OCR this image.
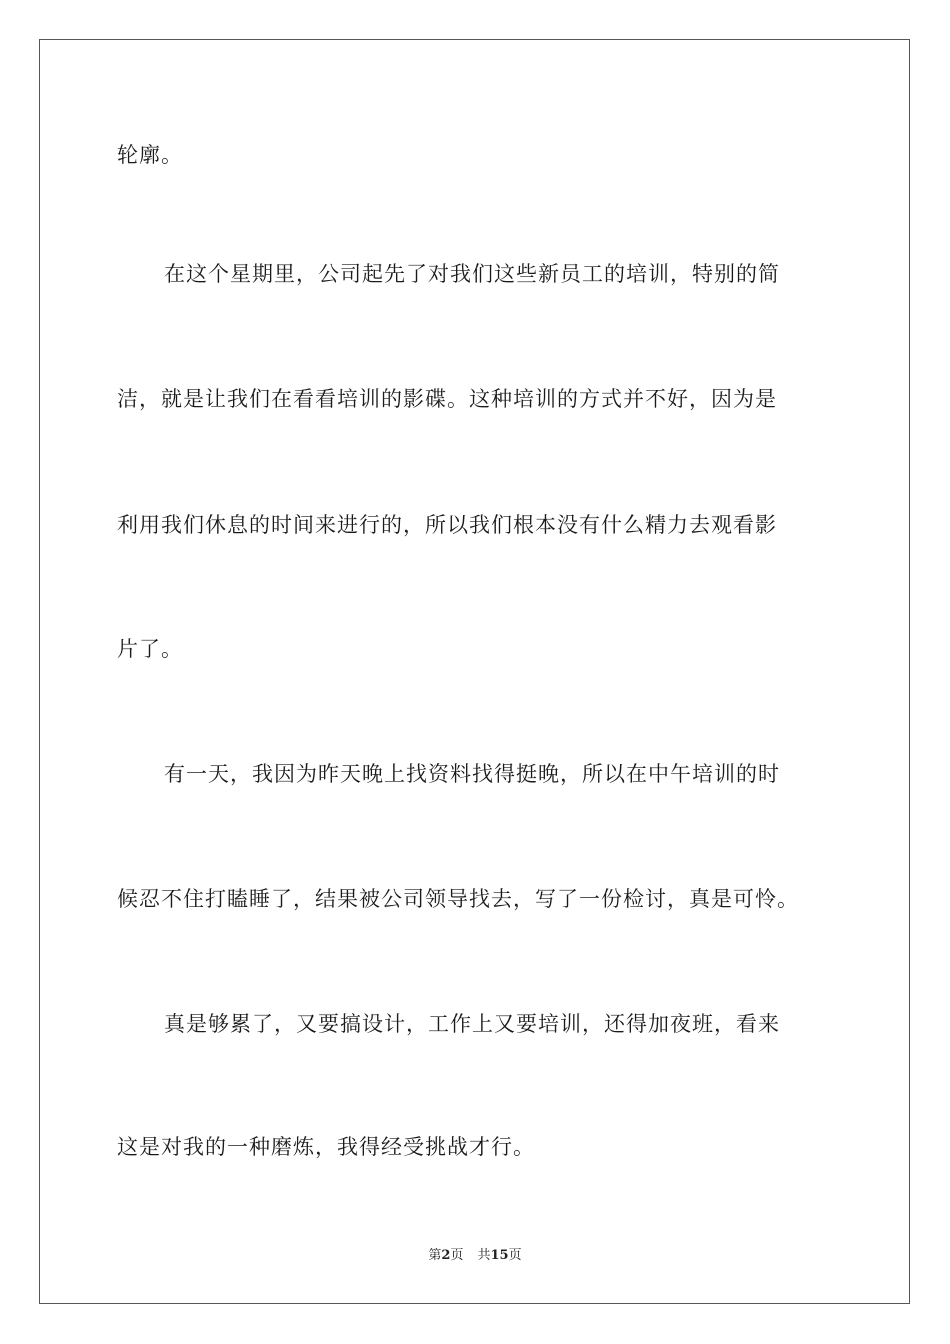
轮廓。
在这个星期里，公司起先了对我们这些新员工的培训，特别的简
洁，就是让我们在看看培训的影碟。这种培训的方式并不好，因为是
利用我们休息的时间来进行的，所以我们根本没有什么精力去观看影
片了。
有一天，我因为昨天晚上找资料找得挺晚，所以在中午培训的时
候忍不住打瞌睡了，结果被公司领导找去，写了一份检讨，真是可怜。
真是够累了，又要搞设计，工作上又要培训，还得加夜班，看来
这是对我的一种磨炼，我得经受挑战才行。
第2页 共15页
